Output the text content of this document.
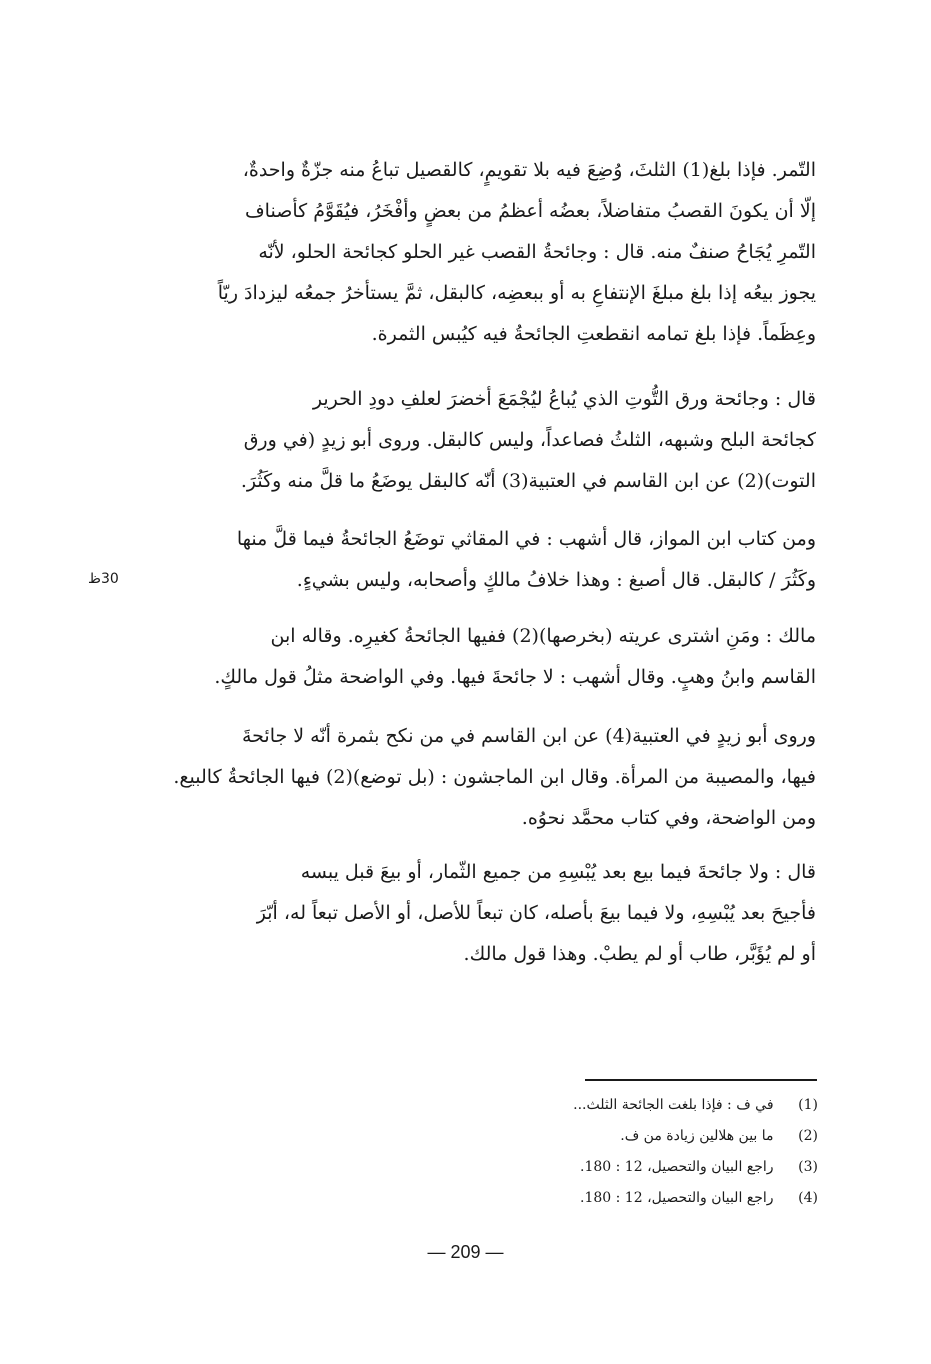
التّمر. فإذا بلغ(1) الثلثَ، وُضِعَ فيه بلا تقويمٍ، كالقصيل تباعُ منه جزّةٌ واحدةٌ،
إلّا أن يكونَ القصبُ متفاضلاً، بعضُه أعظمُ من بعضٍ وأفْخَرُ، فيُقَوَّمُ كأصناف
التّمرِ يُجَاحُ صنفٌ منه. قال : وجائحةُ القصب غير الحلو كجائحة الحلو، لأنّه
يجوز بيعُه إذا بلغ مبلغَ الإنتفاعِ به أو ببعضِه، كالبقل، ثمَّ يستأخرُ جمعُه ليزدادَ ريّاً
وعِظَماً. فإذا بلغ تمامه انقطعتِ الجائحةُ فيه كيُبس الثمرة.

قال : وجائحة ورق التُّوتِ الذي يُباعُ ليُجْمَعَ أخضرَ لعلفِ دودِ الحرير
كجائحة البلح وشبهه، الثلثُ فصاعداً، وليس كالبقل. وروى أبو زيدٍ (في ورق
التوت)(2) عن ابن القاسم في العتبية(3) أنّه كالبقل يوضَعُ ما قلَّ منه وكَثُرَ.

ومن كتاب ابن المواز، قال أشهب : في المقاثي توضَعُ الجائحةُ فيما قلَّ منها
وكَثُرَ / كالبقل. قال أصبغ : وهذا خلافُ مالكٍ وأصحابه، وليس بشيءٍ.

30ظ

مالك : ومَنِ اشترى عريته (بخرصها)(2) ففيها الجائحةُ كغيرِه. وقاله ابن
القاسم وابنُ وهبٍ. وقال أشهب : لا جائحةَ فيها. وفي الواضحة مثلُ قول مالكٍ.

وروى أبو زيدٍ في العتبية(4) عن ابن القاسم في من نكح بثمرة أنّه لا جائحةَ
فيها، والمصيبة من المرأة. وقال ابن الماجشون : (بل توضع)(2) فيها الجائحةُ كالبيع.
ومن الواضحة، وفي كتاب محمَّد نحوُه.

قال : ولا جائحةَ فيما بيع بعد يُبْسِهِ من جميع الثّمار، أو بيعَ قبل يبسه
فأجيحَ بعد يُبْسِهِ، ولا فيما بيعَ بأصله، كان تبعاً للأصل، أو الأصل تبعاً له، أبّرَ
أو لم يُؤَبَّر، طاب أو لم يطبْ. وهذا قول مالك.

(1) في ف : فإذا بلغت الجائحة الثلث...
(2) ما بين هلالين زيادة من ف.
(3) راجع البيان والتحصيل، 12 : 180.
(4) راجع البيان والتحصيل، 12 : 180.
— 209 —
